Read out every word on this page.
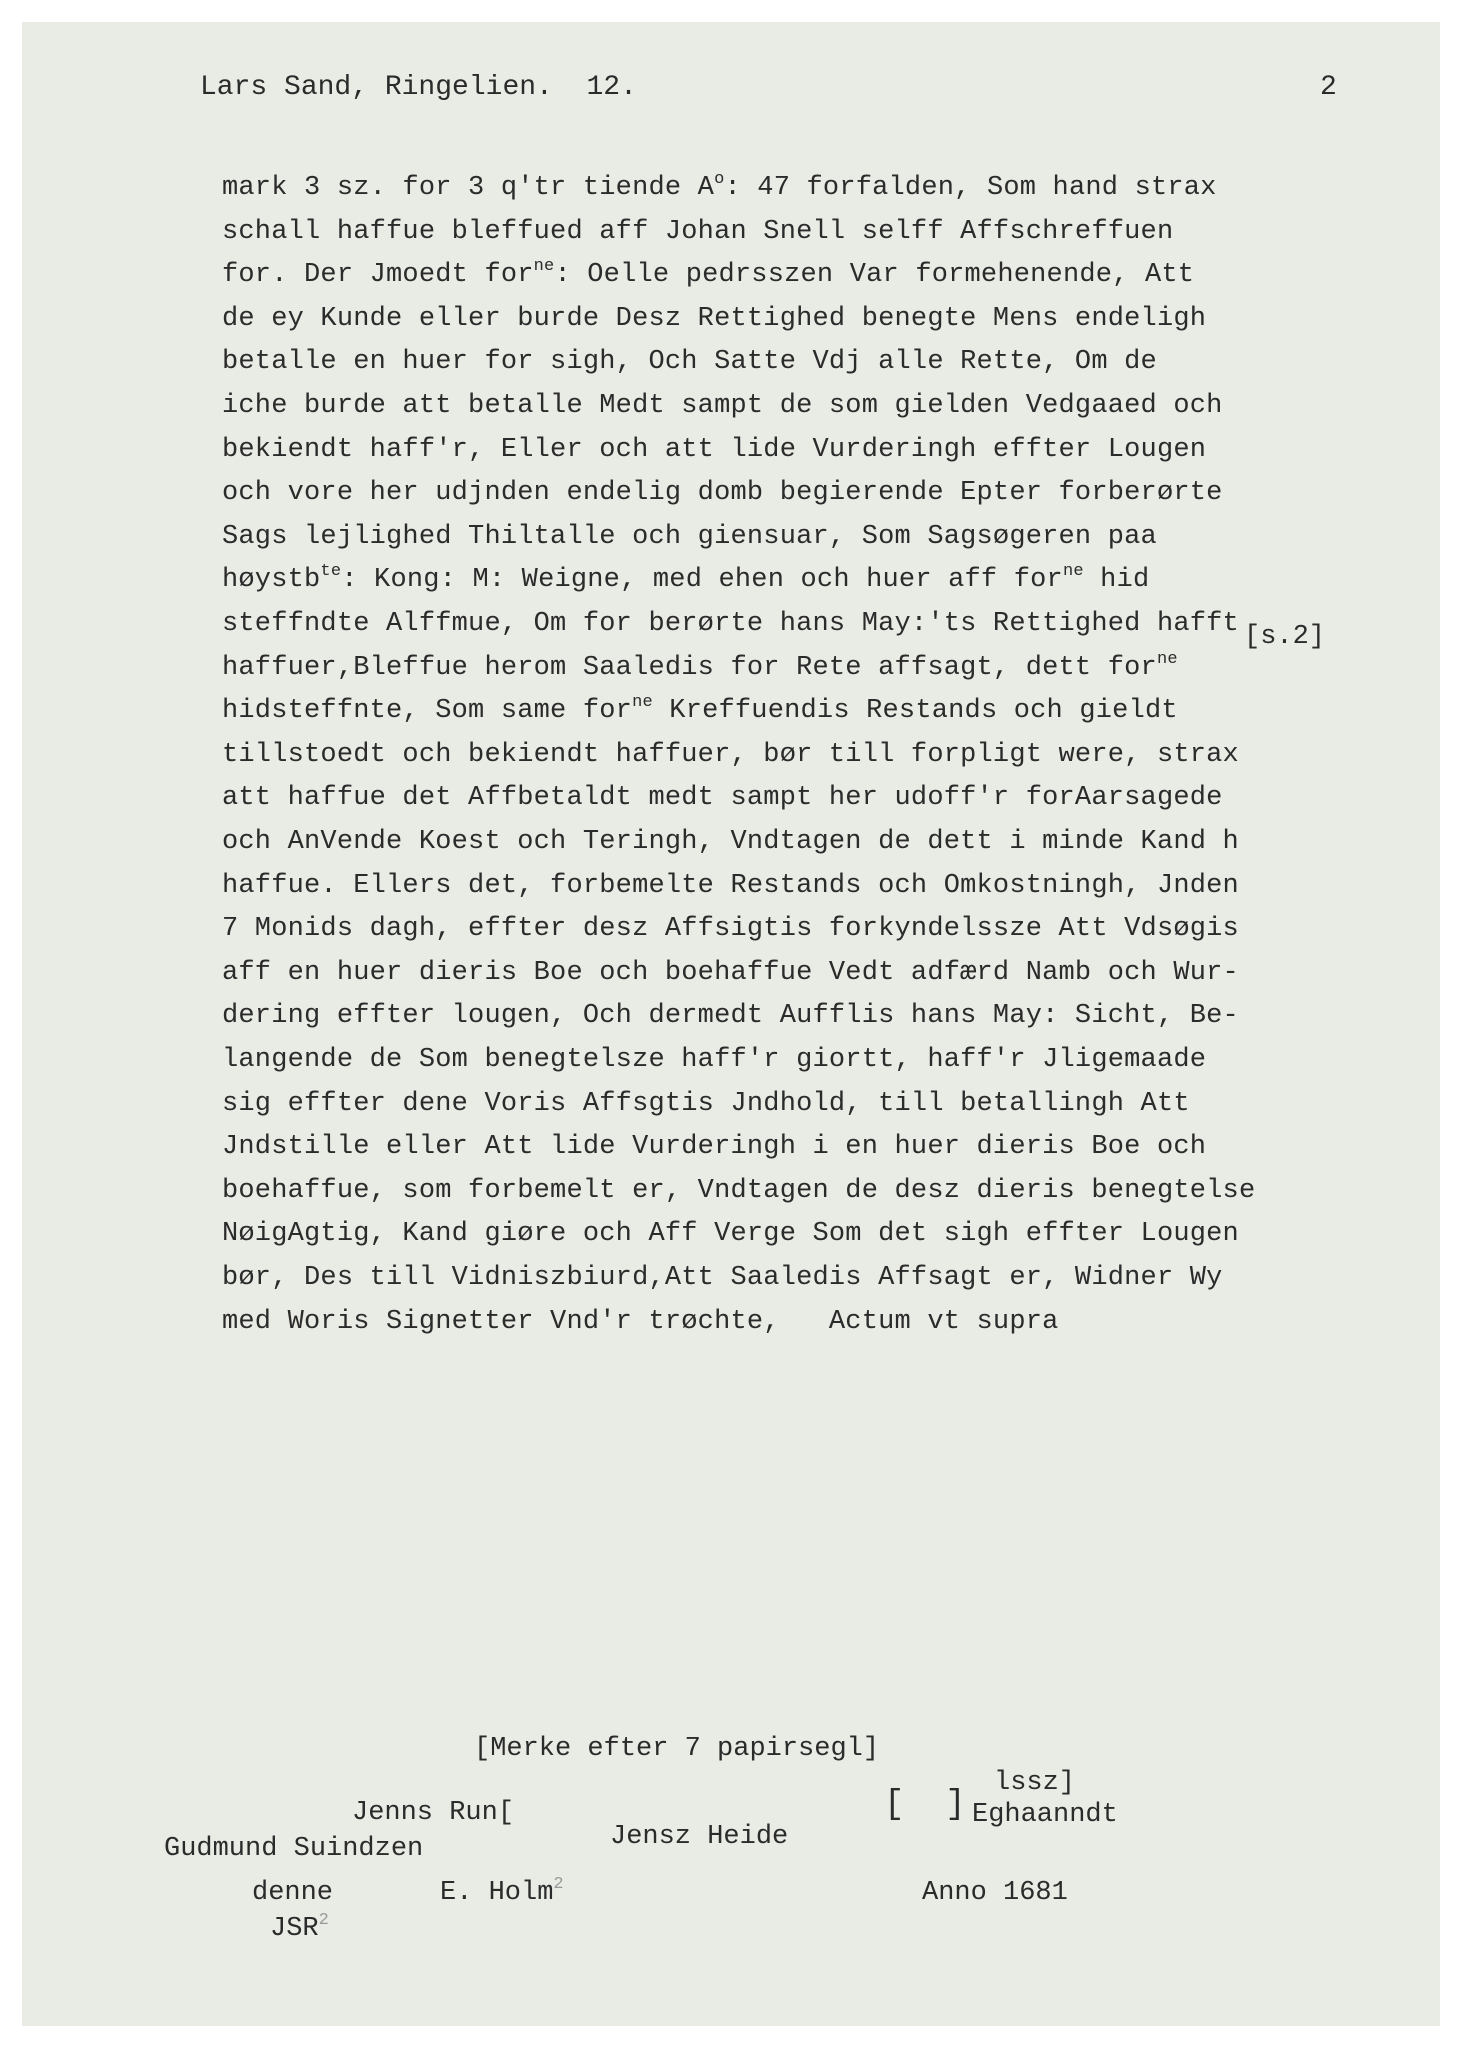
Lars Sand, Ringelien.  12.	2
mark 3 sz. for 3 q'tr tiende $A^o$: 47 forfalden, Som hand strax
schall haffue bleffued aff Johan Snell selff Affschreffuen
for. Der Jmoedt for$^{ne}$: Oelle pedrsszen Var formehenende, Att
de ey Kunde eller burde Desz Rettighed benegte Mens endeligh
betalle en huer for sigh, Och Satte Vdj alle Rette, Om de
iche burde att betalle Medt sampt de som gielden Vedgaaed och
bekiendt haff'r, Eller och att lide Vurderingh effter Lougen
och vore her udjnden endelig domb begierende Epter forberørte
Sags lejlighed Thiltalle och giensuar, Som Sagsøgeren paa
høystb$^{te}$: Kong: M: Weigne, med ehen och huer aff for$^{ne}$ hid
steffndte Alffmue, Om for berørte hans May:'ts Rettighed hafft
haffuer,Bleffue herom Saaledis for Rete affsagt, dett for$^{ne}$
hidsteffnte, Som same for$^{ne}$ Kreffuendis Restands och gieldt
tillstoedt och bekiendt haffuer, bør till forpligt were, strax
att haffue det Affbetaldt medt sampt her udoff'r forAarsagede
och AnVende Koest och Teringh, Vndtagen de dett i minde Kand h
haffue. Ellers det, forbemelte Restands och Omkostningh, Jnden
7 Monids dagh, effter desz Affsigtis forkyndelssze Att Vdsøgis
aff en huer dieris Boe och boehaffue Vedt adfærd Namb och Wur-
dering effter lougen, Och dermedt Aufflis hans May: Sicht, Be-
langende de Som benegtelsze haff'r giortt, haff'r Jligemaade
sig effter dene Voris Affsgtis Jndhold, till betallingh Att
Jndstille eller Att lide Vurderingh i en huer dieris Boe och
boehaffue, som forbemelt er, Vndtagen de desz dieris benegtelse
NøigAgtig, Kand giøre och Aff Verge Som det sigh effter Lougen
bør, Des till Vidniszbiurd,Att Saaledis Affsagt er, Widner Wy
med Woris Signetter Vnd'r trøchte,   Actum vt supra
[s.2]
[Merke efter 7 papirsegl]
Jenns Run[
Gudmund Suindzen	Jensz Heide
[  ]
lssz]
Eghaanndt
denne	E. Holm$^2$
JSR$^2$
Anno 1681
